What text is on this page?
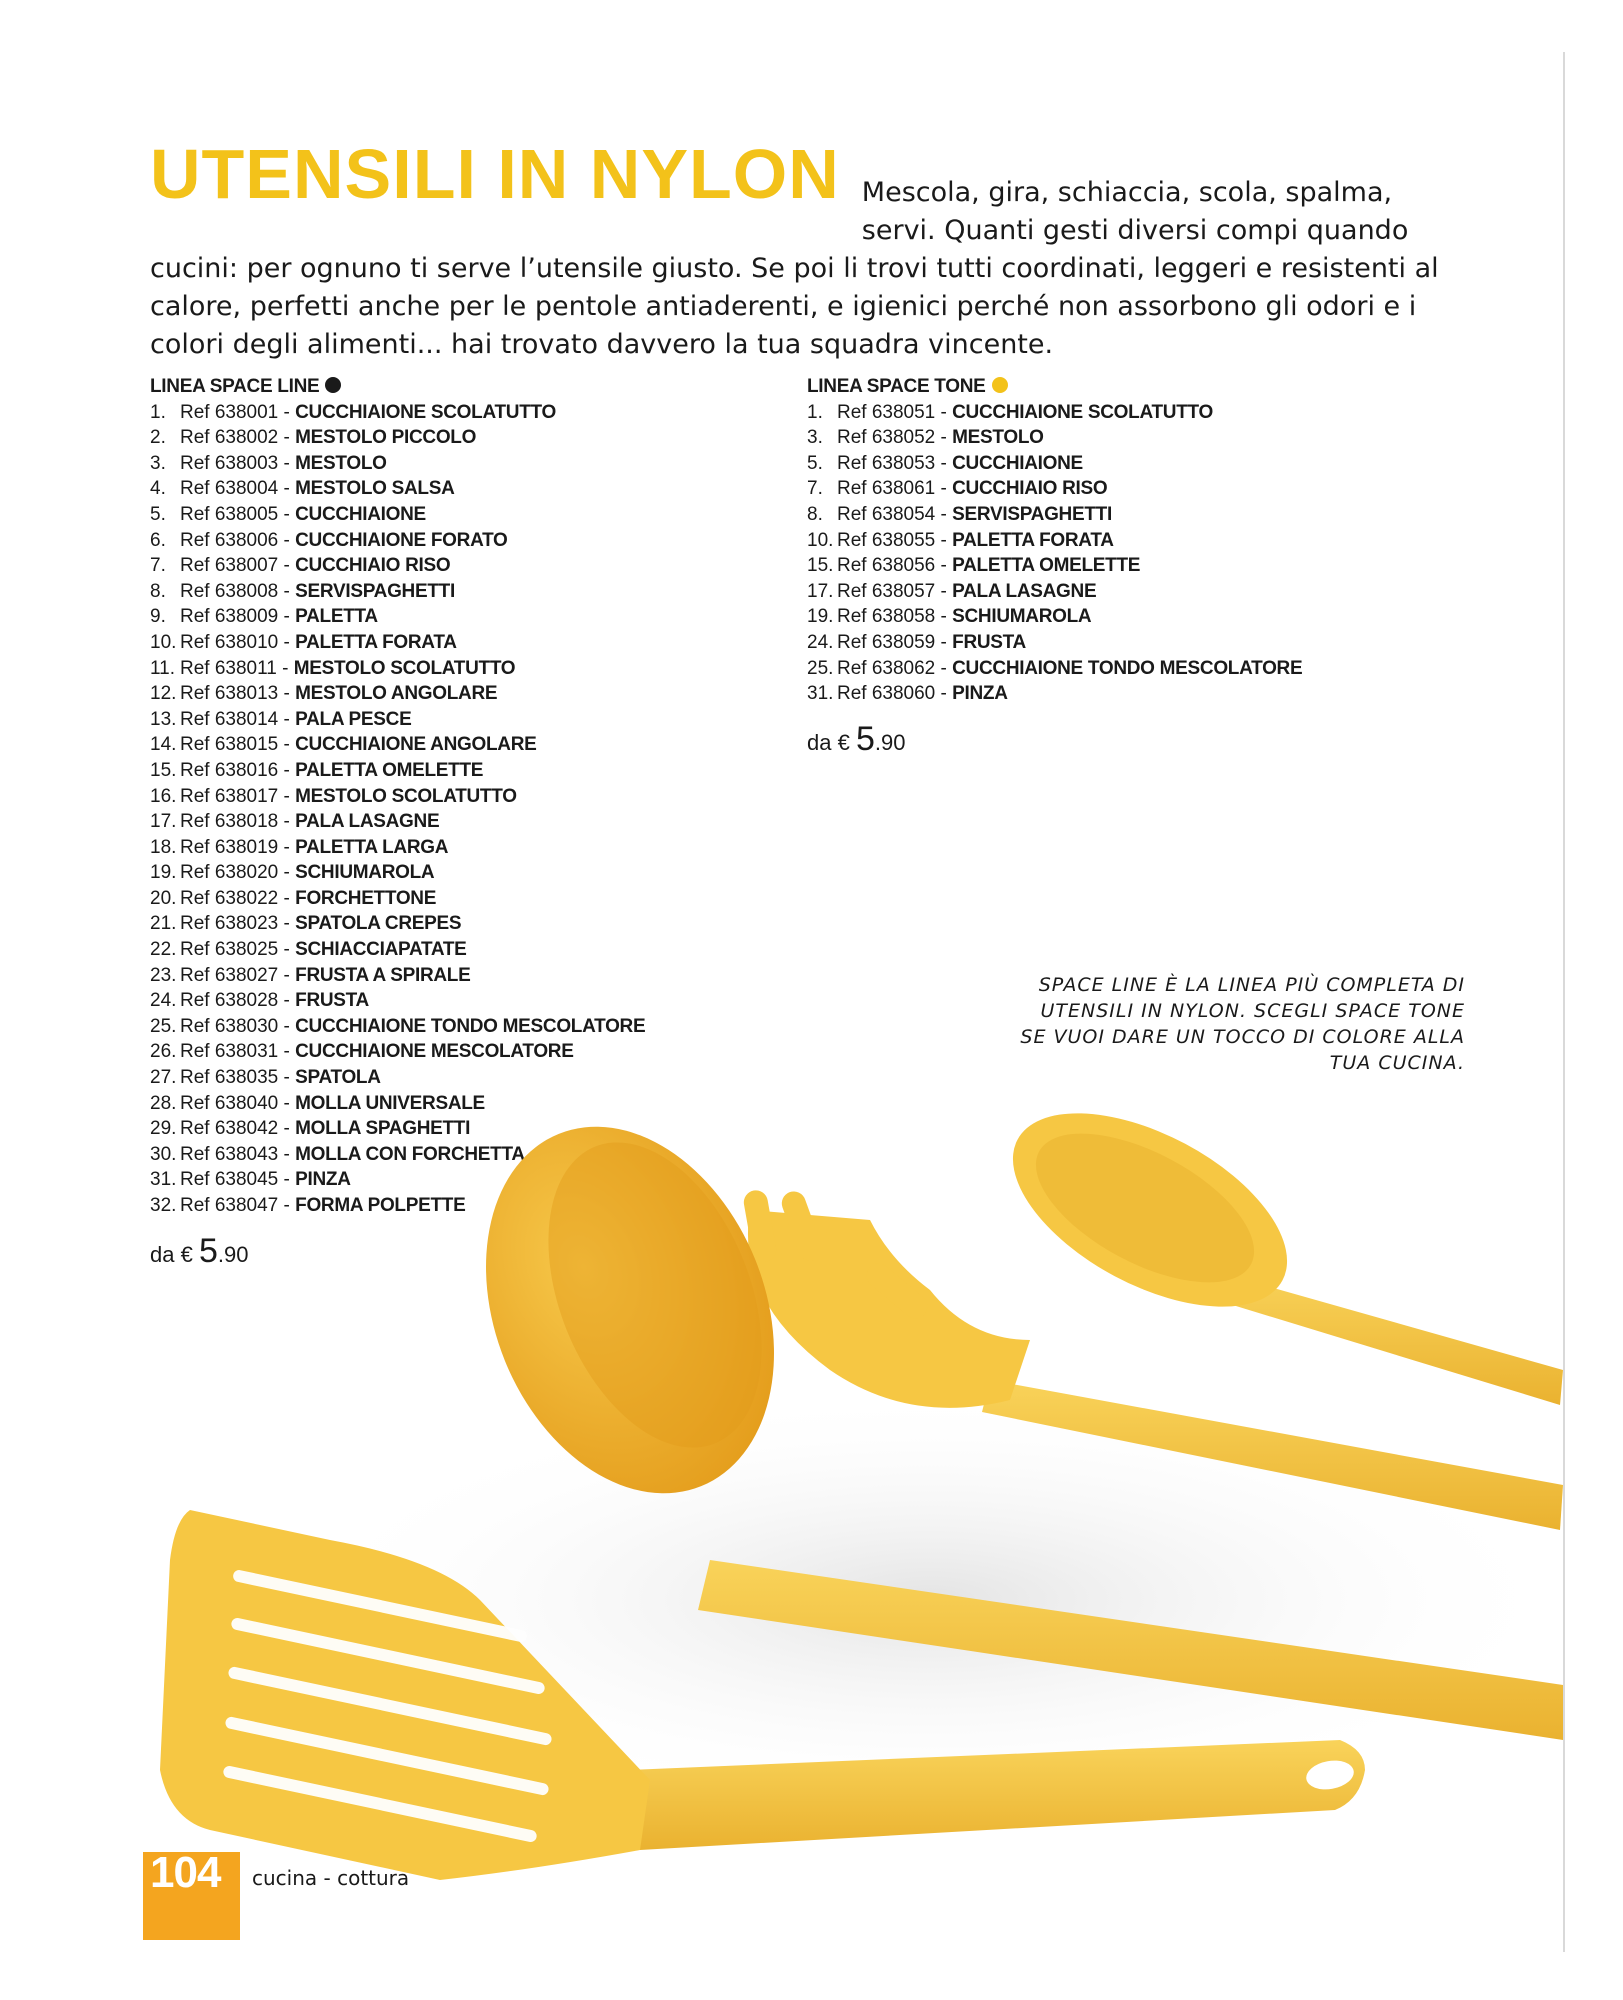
UTENSILI IN NYLON Mescola, gira, schiaccia, scola, spalma, servi. Quanti gesti diversi compi quando cucini: per ognuno ti serve l’utensile giusto. Se poi li trovi tutti coordinati, leggeri e resistenti al calore, perfetti anche per le pentole antiaderenti, e igienici perché non assorbono gli odori e i colori degli alimenti... hai trovato davvero la tua squadra vincente.
LINEA SPACE LINE
1. Ref 638001 - CUCCHIAIONE SCOLATUTTO
2. Ref 638002 - MESTOLO PICCOLO
3. Ref 638003 - MESTOLO
4. Ref 638004 - MESTOLO SALSA
5. Ref 638005 - CUCCHIAIONE
6. Ref 638006 - CUCCHIAIONE FORATO
7. Ref 638007 - CUCCHIAIO RISO
8. Ref 638008 - SERVISPAGHETTI
9. Ref 638009 - PALETTA
10. Ref 638010 - PALETTA FORATA
11. Ref 638011 - MESTOLO SCOLATUTTO
12. Ref 638013 - MESTOLO ANGOLARE
13. Ref 638014 - PALA PESCE
14. Ref 638015 - CUCCHIAIONE ANGOLARE
15. Ref 638016 - PALETTA OMELETTE
16. Ref 638017 - MESTOLO SCOLATUTTO
17. Ref 638018 - PALA LASAGNE
18. Ref 638019 - PALETTA LARGA
19. Ref 638020 - SCHIUMAROLA
20. Ref 638022 - FORCHETTONE
21. Ref 638023 - SPATOLA CREPES
22. Ref 638025 - SCHIACCIAPATATE
23. Ref 638027 - FRUSTA A SPIRALE
24. Ref 638028 - FRUSTA
25. Ref 638030 - CUCCHIAIONE TONDO MESCOLATORE
26. Ref 638031 - CUCCHIAIONE MESCOLATORE
27. Ref 638035 - SPATOLA
28. Ref 638040 - MOLLA UNIVERSALE
29. Ref 638042 - MOLLA SPAGHETTI
30. Ref 638043 - MOLLA CON FORCHETTA
31. Ref 638045 - PINZA
32. Ref 638047 - FORMA POLPETTE
da € 5.90
LINEA SPACE TONE
1. Ref 638051 - CUCCHIAIONE SCOLATUTTO
3. Ref 638052 - MESTOLO
5. Ref 638053 - CUCCHIAIONE
7. Ref 638061 - CUCCHIAIO RISO
8. Ref 638054 - SERVISPAGHETTI
10. Ref 638055 - PALETTA FORATA
15. Ref 638056 - PALETTA OMELETTE
17. Ref 638057 - PALA LASAGNE
19. Ref 638058 - SCHIUMAROLA
24. Ref 638059 - FRUSTA
25. Ref 638062 - CUCCHIAIONE TONDO MESCOLATORE
31. Ref 638060 - PINZA
da € 5.90
SPACE LINE È LA LINEA PIÙ COMPLETA DI UTENSILI IN NYLON. SCEGLI SPACE TONE SE VUOI DARE UN TOCCO DI COLORE ALLA TUA CUCINA.
104 cucina - cottura
